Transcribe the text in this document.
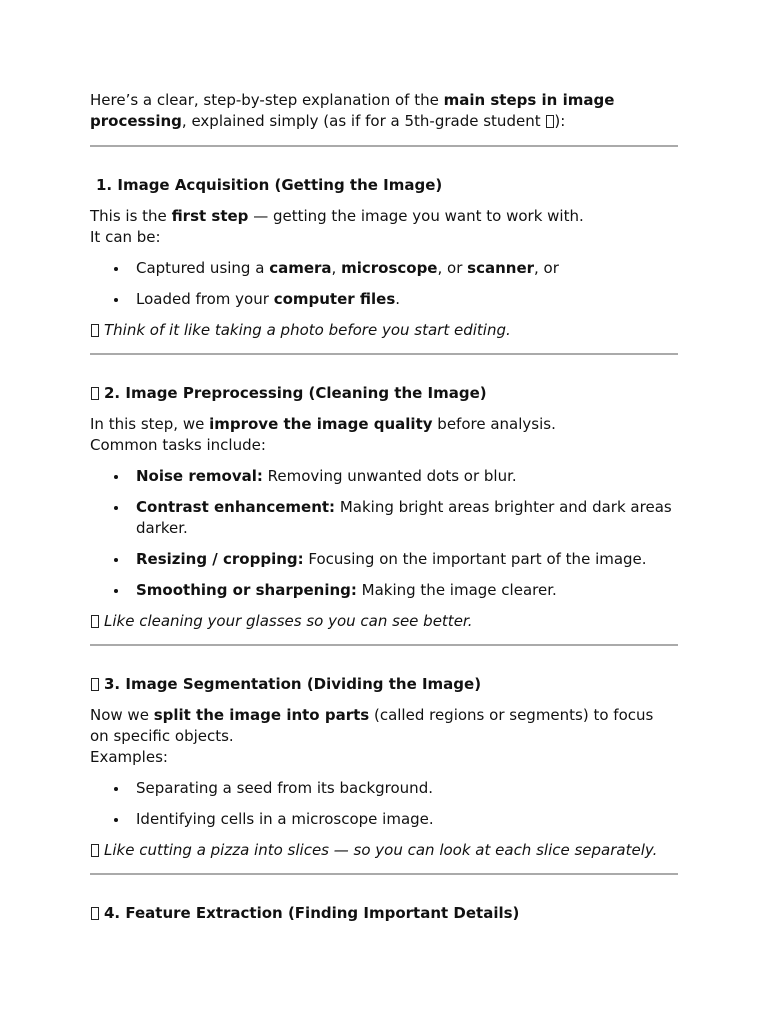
Here’s a clear, step-by-step explanation of the main steps in image processing, explained simply (as if for a 5th-grade student ):

1. Image Acquisition (Getting the Image)

This is the first step — getting the image you want to work with.
It can be:

Captured using a camera, microscope, or scanner, or
Loaded from your computer files.

Think of it like taking a photo before you start editing.

2. Image Preprocessing (Cleaning the Image)

In this step, we improve the image quality before analysis.
Common tasks include:

Noise removal: Removing unwanted dots or blur.
Contrast enhancement: Making bright areas brighter and dark areas darker.
Resizing / cropping: Focusing on the important part of the image.
Smoothing or sharpening: Making the image clearer.

Like cleaning your glasses so you can see better.

3. Image Segmentation (Dividing the Image)

Now we split the image into parts (called regions or segments) to focus on specific objects.
Examples:

Separating a seed from its background.
Identifying cells in a microscope image.

Like cutting a pizza into slices — so you can look at each slice separately.

4. Feature Extraction (Finding Important Details)
